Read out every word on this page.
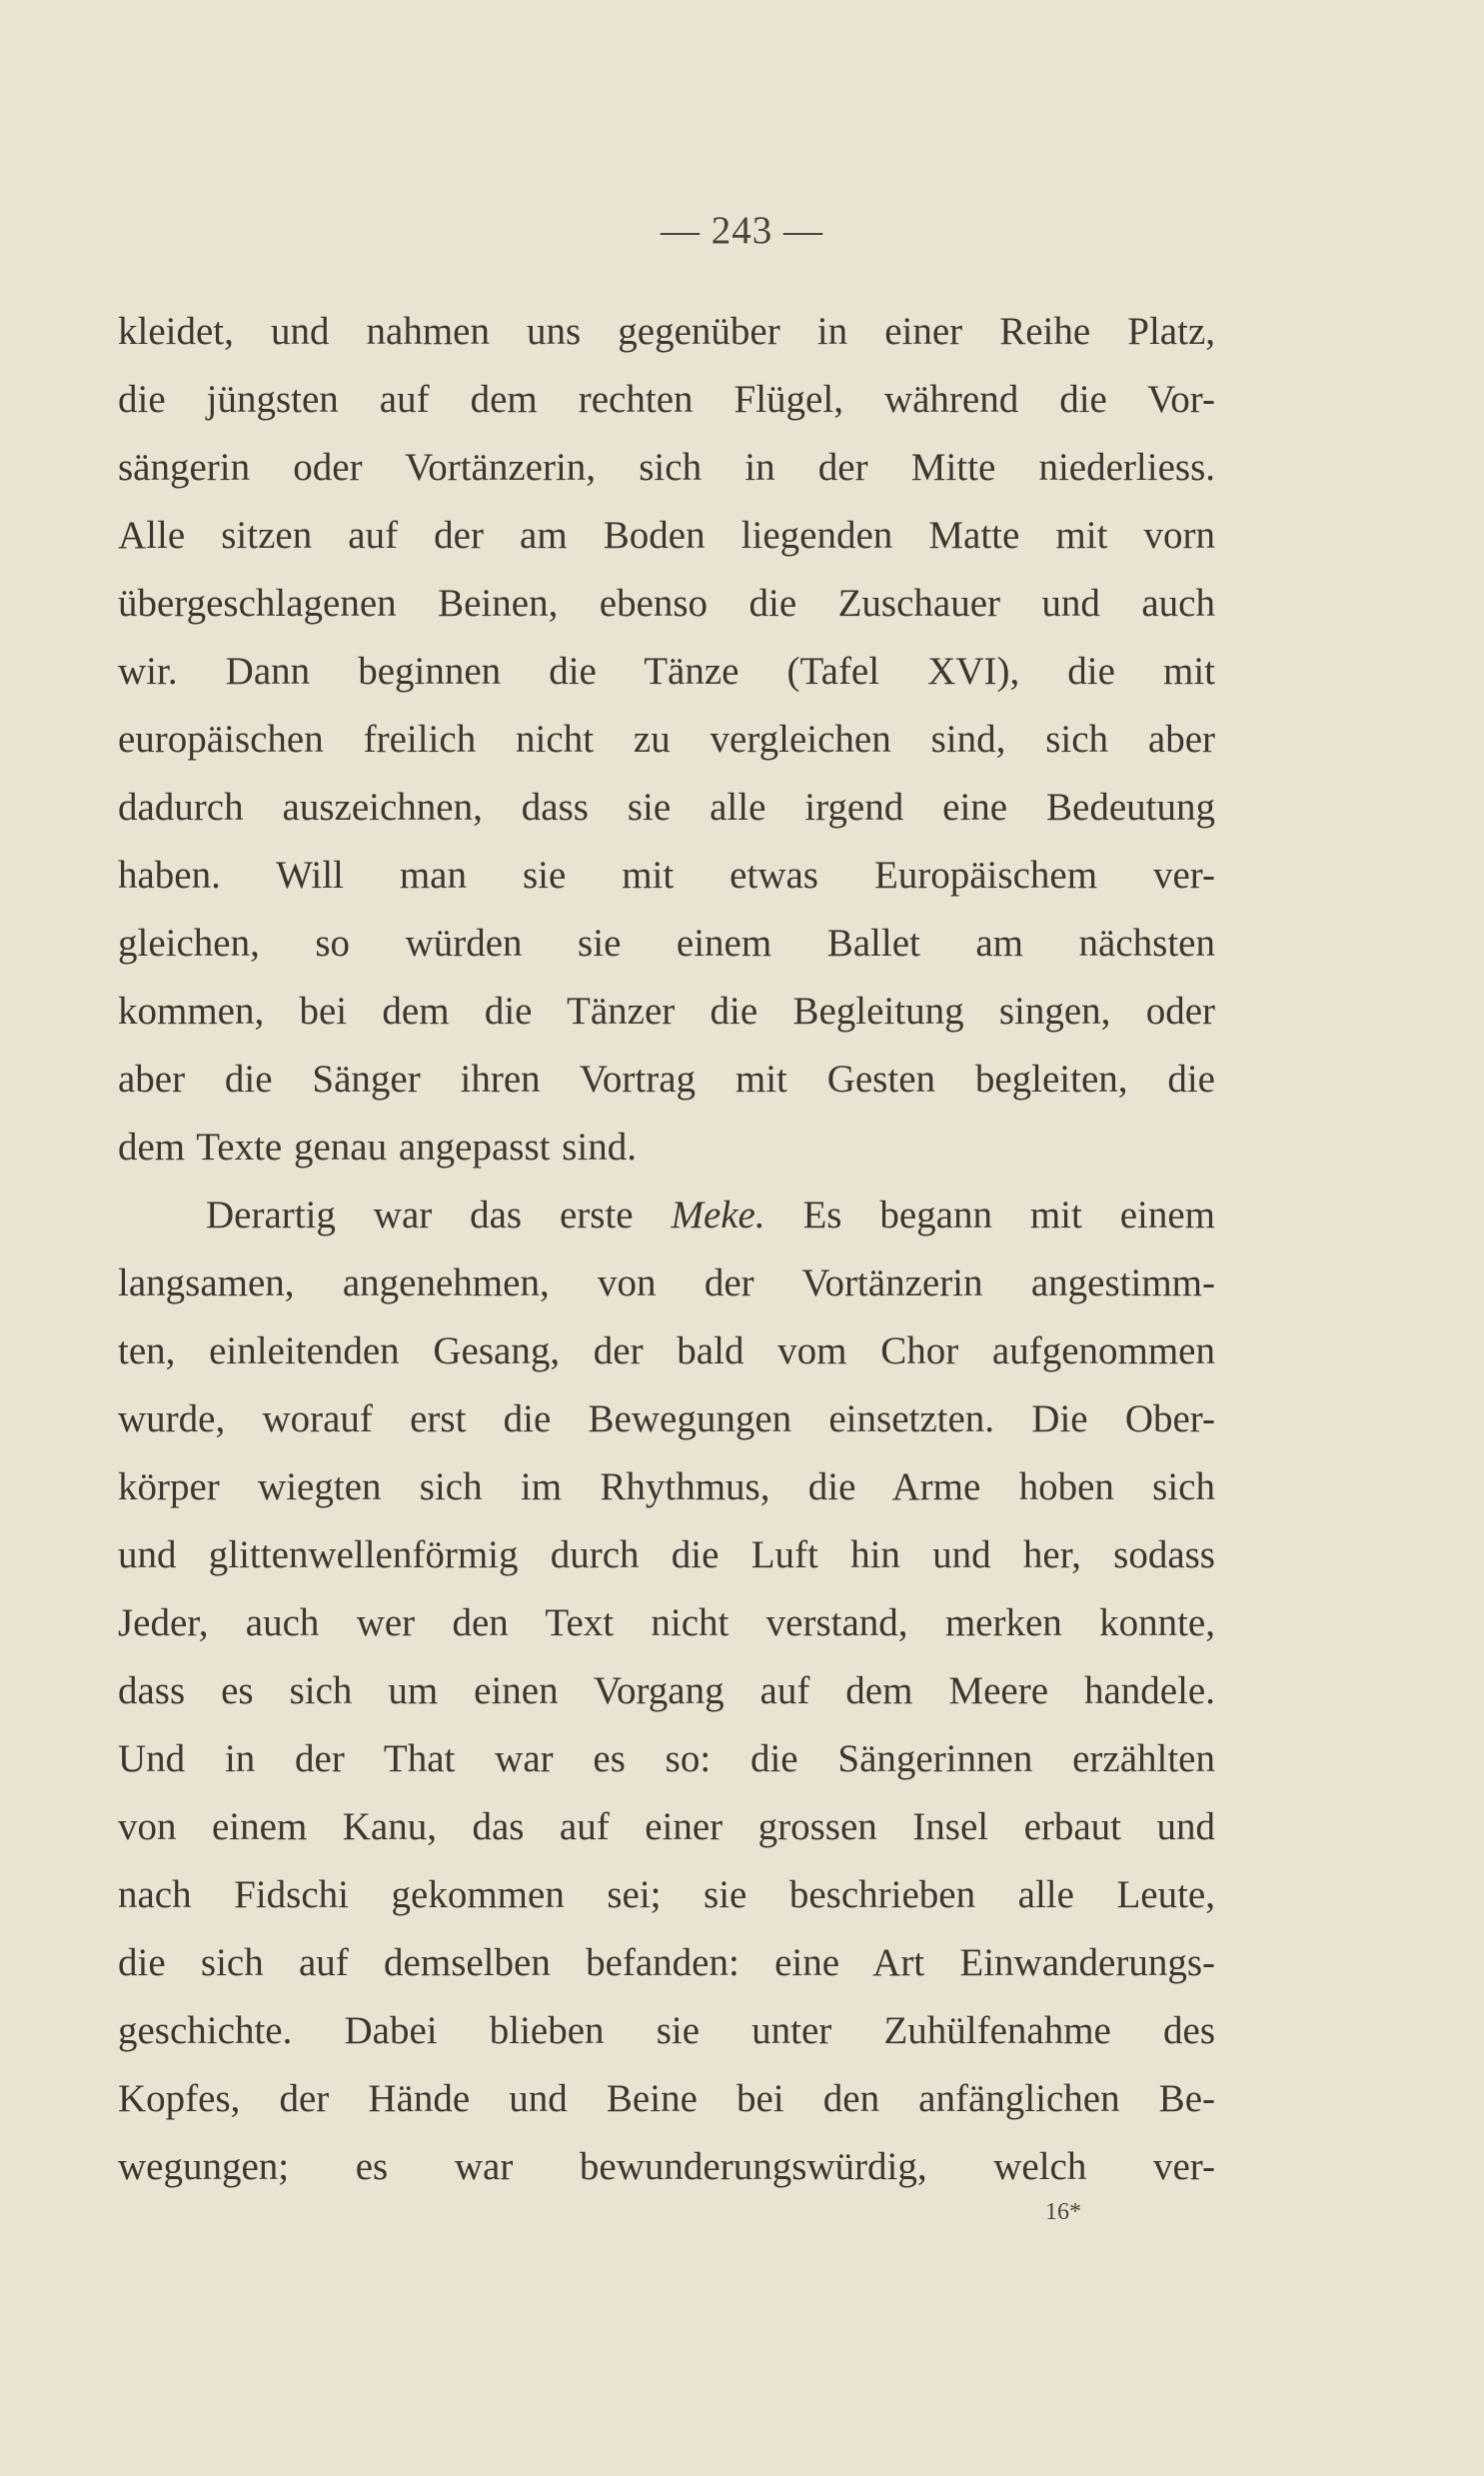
— 243 —
kleidet, und nahmen uns gegenüber in einer Reihe Platz,
die jüngsten auf dem rechten Flügel, während die Vor-
sängerin oder Vortänzerin, sich in der Mitte niederliess.
Alle sitzen auf der am Boden liegenden Matte mit vorn
übergeschlagenen Beinen, ebenso die Zuschauer und auch
wir. Dann beginnen die Tänze (Tafel XVI), die mit
europäischen freilich nicht zu vergleichen sind, sich aber
dadurch auszeichnen, dass sie alle irgend eine Bedeutung
haben. Will man sie mit etwas Europäischem ver-
gleichen, so würden sie einem Ballet am nächsten
kommen, bei dem die Tänzer die Begleitung singen, oder
aber die Sänger ihren Vortrag mit Gesten begleiten, die
dem Texte genau angepasst sind.
Derartig war das erste Meke. Es begann mit einem
langsamen, angenehmen, von der Vortänzerin angestimm-
ten, einleitenden Gesang, der bald vom Chor aufgenommen
wurde, worauf erst die Bewegungen einsetzten. Die Ober-
körper wiegten sich im Rhythmus, die Arme hoben sich
und glittenwellenförmig durch die Luft hin und her, sodass
Jeder, auch wer den Text nicht verstand, merken konnte,
dass es sich um einen Vorgang auf dem Meere handele.
Und in der That war es so: die Sängerinnen erzählten
von einem Kanu, das auf einer grossen Insel erbaut und
nach Fidschi gekommen sei; sie beschrieben alle Leute,
die sich auf demselben befanden: eine Art Einwanderungs-
geschichte. Dabei blieben sie unter Zuhülfenahme des
Kopfes, der Hände und Beine bei den anfänglichen Be-
wegungen; es war bewunderungswürdig, welch ver-
16*
